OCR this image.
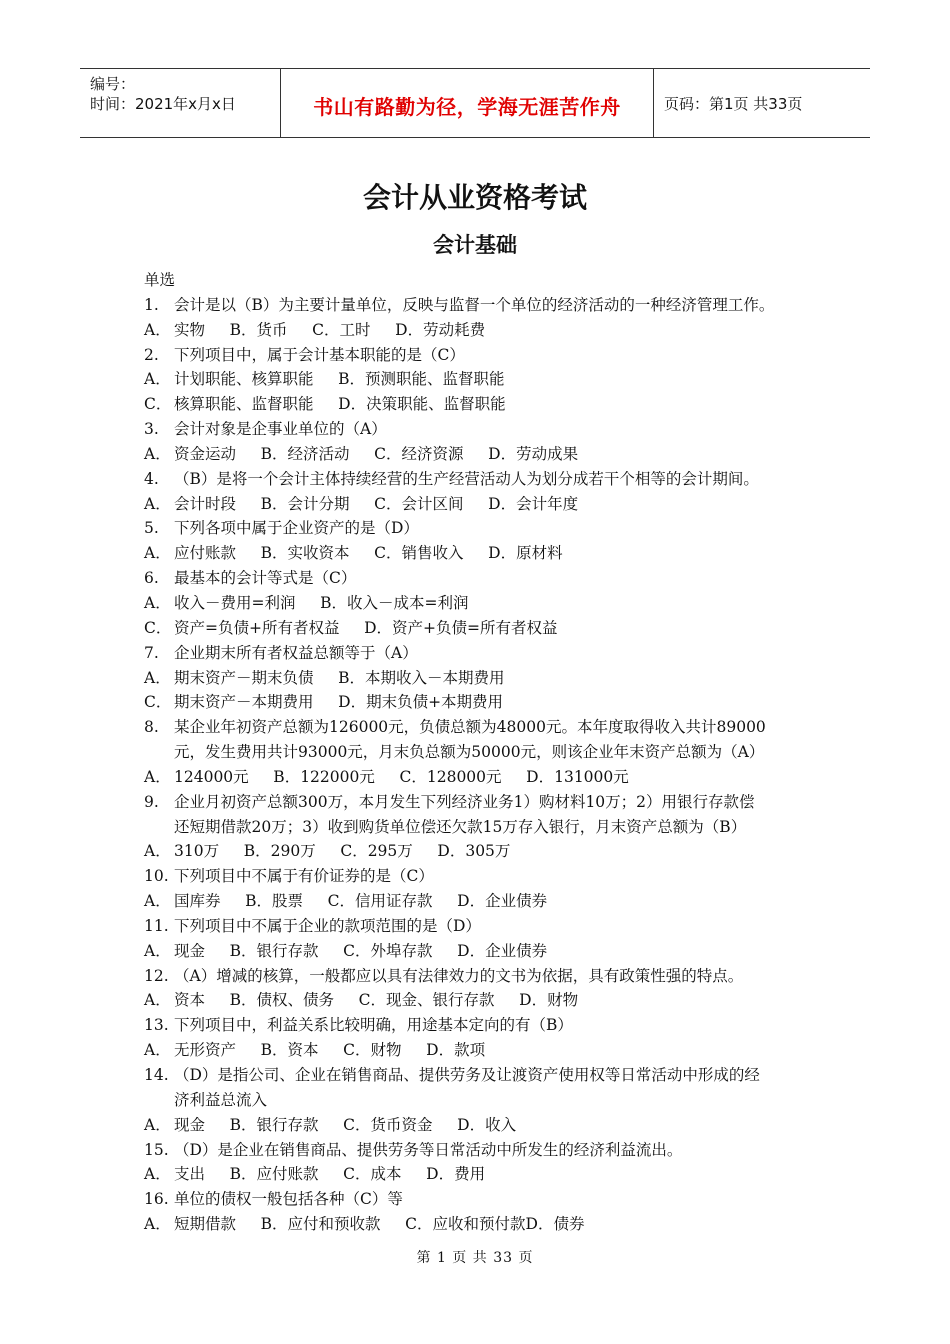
编号：
时间：2021年x月x日	书山有路勤为径，学海无涯苦作舟	页码：第1页 共33页
会计从业资格考试
会计基础
单选
1. 会计是以（B）为主要计量单位，反映与监督一个单位的经济活动的一种经济管理工作。
A． 实物     B．货币     C．工时     D．劳动耗费
2. 下列项目中，属于会计基本职能的是（C）
A． 计划职能、核算职能     B．预测职能、监督职能
C． 核算职能、监督职能     D．决策职能、监督职能
3. 会计对象是企事业单位的（A）
A． 资金运动     B．经济活动     C．经济资源     D．劳动成果
4. （B）是将一个会计主体持续经营的生产经营活动人为划分成若干个相等的会计期间。
A． 会计时段     B．会计分期     C．会计区间     D．会计年度
5. 下列各项中属于企业资产的是（D）
A． 应付账款     B．实收资本     C．销售收入     D．原材料
6. 最基本的会计等式是（C）
A． 收入－费用=利润     B．收入－成本=利润
C． 资产=负债+所有者权益     D．资产+负债=所有者权益
7. 企业期末所有者权益总额等于（A）
A． 期末资产－期末负债     B．本期收入－本期费用
C． 期末资产－本期费用     D．期末负债+本期费用
8. 某企业年初资产总额为126000元，负债总额为48000元。本年度取得收入共计89000
元，发生费用共计93000元，月末负总额为50000元，则该企业年末资产总额为（A）
A． 124000元     B．122000元     C．128000元     D．131000元
9. 企业月初资产总额300万，本月发生下列经济业务1）购材料10万；2）用银行存款偿
还短期借款20万；3）收到购货单位偿还欠款15万存入银行，月末资产总额为（B）
A． 310万     B．290万     C．295万     D．305万
10. 下列项目中不属于有价证券的是（C）
A． 国库券     B．股票     C．信用证存款     D．企业债券
11. 下列项目中不属于企业的款项范围的是（D）
A． 现金     B．银行存款     C．外埠存款     D．企业债券
12. （A）增减的核算，一般都应以具有法律效力的文书为依据，具有政策性强的特点。
A． 资本     B．债权、债务     C．现金、银行存款     D．财物
13. 下列项目中，利益关系比较明确，用途基本定向的有（B）
A． 无形资产     B．资本     C．财物     D．款项
14. （D）是指公司、企业在销售商品、提供劳务及让渡资产使用权等日常活动中形成的经
济利益总流入
A． 现金     B．银行存款     C．货币资金     D．收入
15. （D）是企业在销售商品、提供劳务等日常活动中所发生的经济利益流出。
A． 支出     B．应付账款     C．成本     D．费用
16. 单位的债权一般包括各种（C）等
A． 短期借款     B．应付和预收款     C．应收和预付款D．债券
第 1 页 共 33 页
